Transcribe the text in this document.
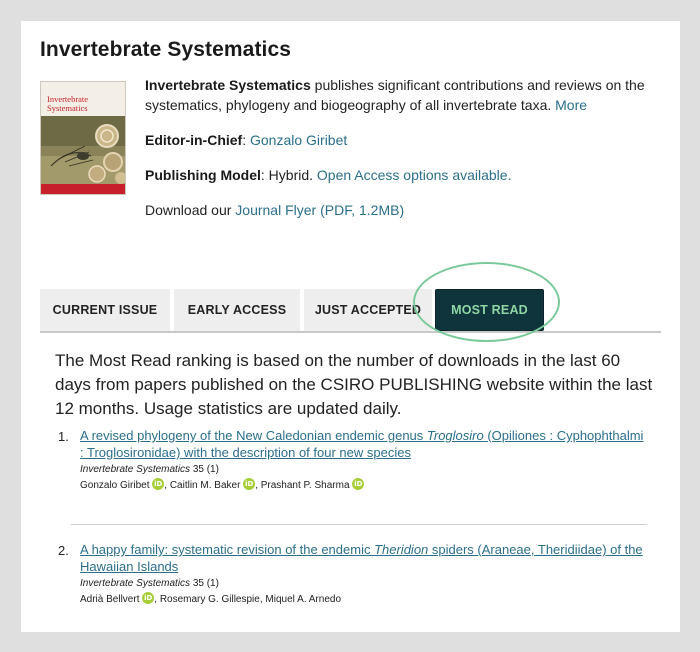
Invertebrate Systematics
Invertebrate
Systematics

Invertebrate Systematics publishes significant contributions and reviews on the systematics, phylogeny and biogeography of all invertebrate taxa. More

Editor-in-Chief: Gonzalo Giribet

Publishing Model: Hybrid. Open Access options available.

Download our Journal Flyer (PDF, 1.2MB)

CURRENT ISSUE	EARLY ACCESS	JUST ACCEPTED	MOST READ

The Most Read ranking is based on the number of downloads in the last 60 days from papers published on the CSIRO PUBLISHING website within the last 12 months. Usage statistics are updated daily.

1. A revised phylogeny of the New Caledonian endemic genus Troglosiro (Opiliones : Cyphophthalmi : Troglosironidae) with the description of four new species
Invertebrate Systematics 35 (1)
Gonzalo Giribet iD , Caitlin M. Baker iD , Prashant P. Sharma iD
2. A happy family: systematic revision of the endemic Theridion spiders (Araneae, Theridiidae) of the Hawaiian Islands
Invertebrate Systematics 35 (1)
Adrià Bellvert iD , Rosemary G. Gillespie, Miquel A. Arnedo
